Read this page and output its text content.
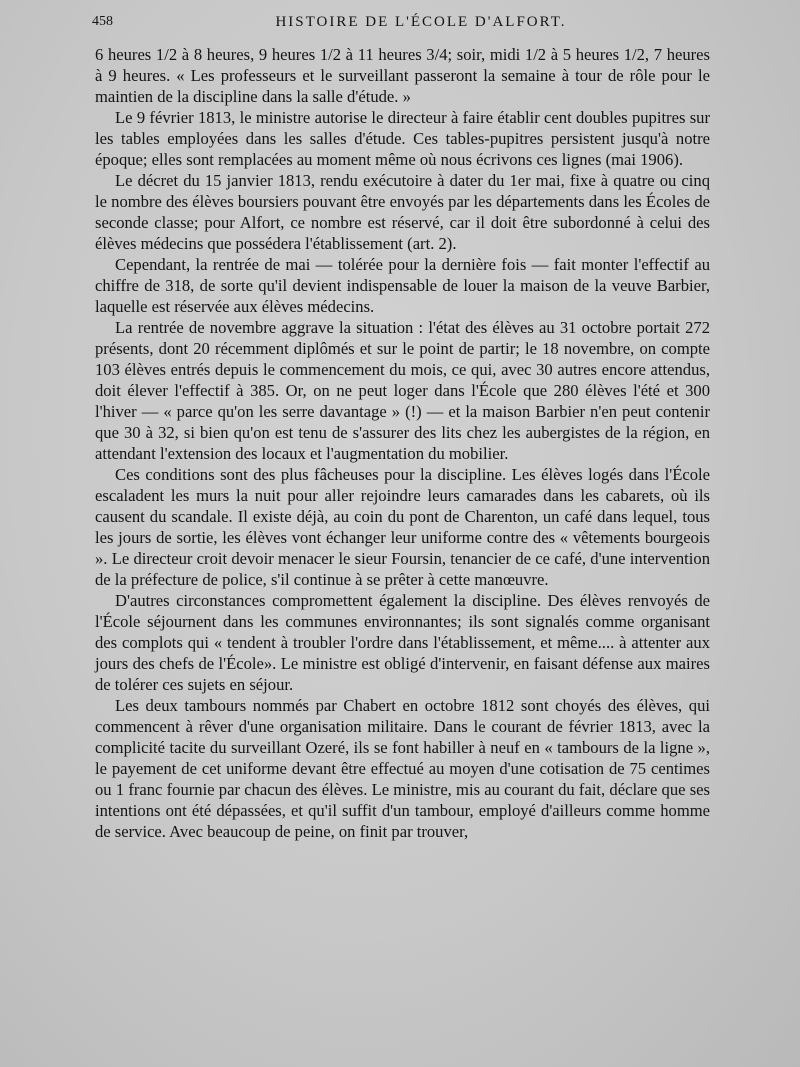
458	HISTOIRE DE L'ÉCOLE D'ALFORT.

6 heures 1/2 à 8 heures, 9 heures 1/2 à 11 heures 3/4; soir, midi 1/2 à 5 heures 1/2, 7 heures à 9 heures. « Les professeurs et le surveillant passeront la semaine à tour de rôle pour le maintien de la discipline dans la salle d'étude. »

Le 9 février 1813, le ministre autorise le directeur à faire établir cent doubles pupitres sur les tables employées dans les salles d'étude. Ces tables-pupitres persistent jusqu'à notre époque; elles sont remplacées au moment même où nous écrivons ces lignes (mai 1906).

Le décret du 15 janvier 1813, rendu exécutoire à dater du 1er mai, fixe à quatre ou cinq le nombre des élèves boursiers pouvant être envoyés par les départements dans les Écoles de seconde classe; pour Alfort, ce nombre est réservé, car il doit être subordonné à celui des élèves médecins que possédera l'établissement (art. 2).

Cependant, la rentrée de mai — tolérée pour la dernière fois — fait monter l'effectif au chiffre de 318, de sorte qu'il devient indispensable de louer la maison de la veuve Barbier, laquelle est réservée aux élèves médecins.

La rentrée de novembre aggrave la situation : l'état des élèves au 31 octobre portait 272 présents, dont 20 récemment diplômés et sur le point de partir; le 18 novembre, on compte 103 élèves entrés depuis le commencement du mois, ce qui, avec 30 autres encore attendus, doit élever l'effectif à 385. Or, on ne peut loger dans l'École que 280 élèves l'été et 300 l'hiver — « parce qu'on les serre davantage » (!) — et la maison Barbier n'en peut contenir que 30 à 32, si bien qu'on est tenu de s'assurer des lits chez les aubergistes de la région, en attendant l'extension des locaux et l'augmentation du mobilier.

Ces conditions sont des plus fâcheuses pour la discipline. Les élèves logés dans l'École escaladent les murs la nuit pour aller rejoindre leurs camarades dans les cabarets, où ils causent du scandale. Il existe déjà, au coin du pont de Charenton, un café dans lequel, tous les jours de sortie, les élèves vont échanger leur uniforme contre des « vêtements bourgeois ». Le directeur croit devoir menacer le sieur Foursin, tenancier de ce café, d'une intervention de la préfecture de police, s'il continue à se prêter à cette manœuvre.

D'autres circonstances compromettent également la discipline. Des élèves renvoyés de l'École séjournent dans les communes environnantes; ils sont signalés comme organisant des complots qui « tendent à troubler l'ordre dans l'établissement, et même.... à attenter aux jours des chefs de l'École». Le ministre est obligé d'intervenir, en faisant défense aux maires de tolérer ces sujets en séjour.

Les deux tambours nommés par Chabert en octobre 1812 sont choyés des élèves, qui commencent à rêver d'une organisation militaire. Dans le courant de février 1813, avec la complicité tacite du surveillant Ozeré, ils se font habiller à neuf en « tambours de la ligne », le payement de cet uniforme devant être effectué au moyen d'une cotisation de 75 centimes ou 1 franc fournie par chacun des élèves. Le ministre, mis au courant du fait, déclare que ses intentions ont été dépassées, et qu'il suffit d'un tambour, employé d'ailleurs comme homme de service. Avec beaucoup de peine, on finit par trouver,
